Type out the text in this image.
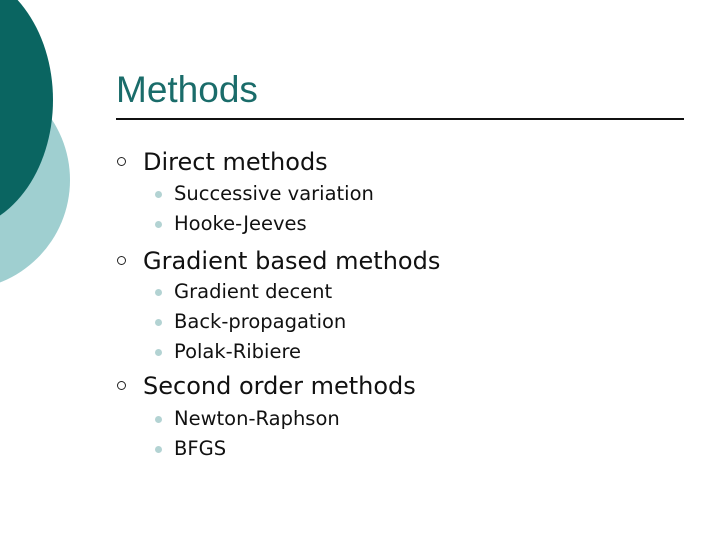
Methods
Direct methods
Successive variation
Hooke-Jeeves
Gradient based methods
Gradient decent
Back-propagation
Polak-Ribiere
Second order methods
Newton-Raphson
BFGS
